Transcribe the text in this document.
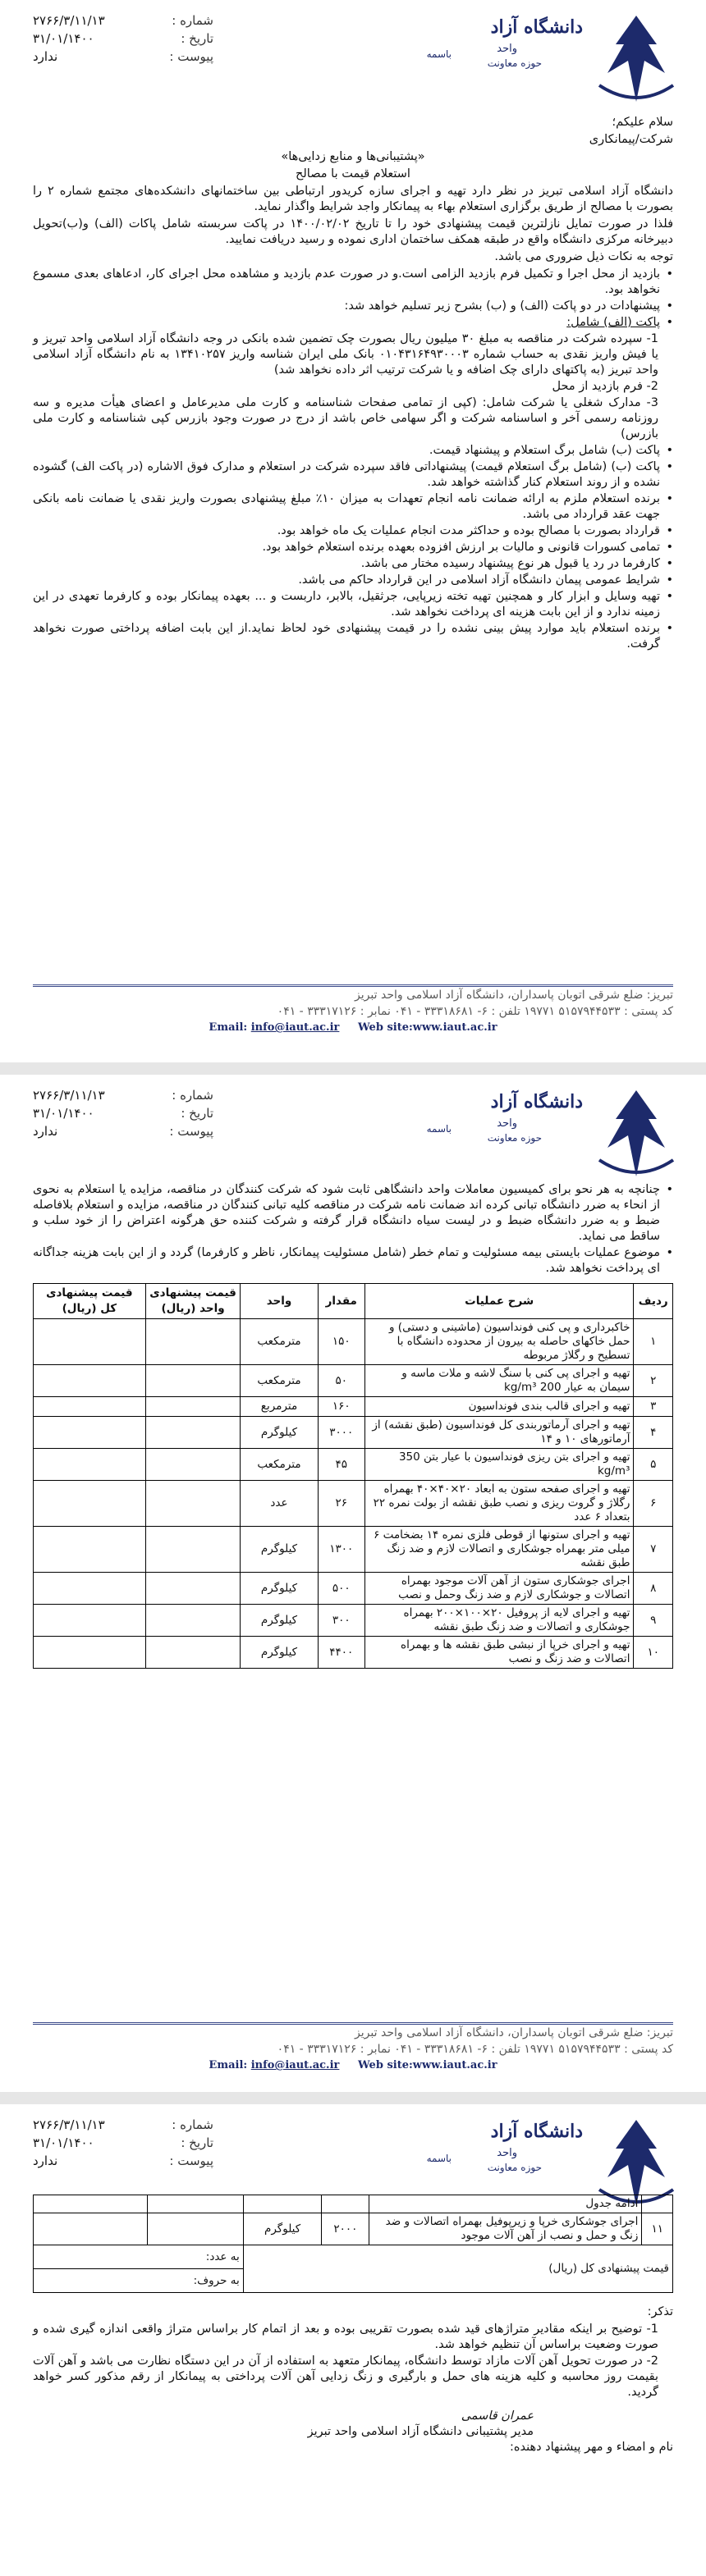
دانشگاه آزاد
واحد
باسمه
حوزه معاونت
شماره :
۲۷۶۶/۳/۱۱/۱۳
تاریخ :
۳۱/۰۱/۱۴۰۰
پیوست :
ندارد

سلام علیکم؛

شرکت/پیمانکاری

«پشتیبانی‌ها و منابع زدایی‌ها»

استعلام قیمت با مصالح

دانشگاه آزاد اسلامی تبریز در نظر دارد تهیه و اجرای سازه کریدور ارتباطی بین ساختمانهای دانشکده‌های مجتمع شماره ۲ را بصورت با مصالح از طریق برگزاری استعلام بهاء به پیمانکار واجد شرایط واگذار نماید.

فلذا در صورت تمایل نازلترین قیمت پیشنهادی خود را تا تاریخ ۱۴۰۰/۰۲/۰۲ در پاکت سربسته شامل پاکات (الف) و(ب)تحویل دبیرخانه مرکزی دانشگاه واقع در طبقه همکف ساختمان اداری نموده و رسید دریافت نمایید.

توجه به نکات ذیل ضروری می باشد.

• بازدید از محل اجرا و تکمیل فرم بازدید الزامی است.و در صورت عدم بازدید و مشاهده محل اجرای کار، ادعاهای بعدی مسموع نخواهد بود.
• پیشنهادات در دو پاکت (الف) و (ب) بشرح زیر تسلیم خواهد شد:
• پاکت (الف) شامل:
1- سپرده شرکت در مناقصه به مبلغ ۳۰ میلیون ریال بصورت چک تضمین شده بانکی در وجه دانشگاه آزاد اسلامی واحد تبریز و یا فیش واریز نقدی به حساب شماره ۰۱۰۴۳۱۶۴۹۳۰۰۰۳ بانک ملی ایران شناسه واریز ۱۳۴۱۰۲۵۷ به نام دانشگاه آزاد اسلامی واحد تبریز (به پاکتهای دارای چک اضافه و یا شرکت ترتیب اثر داده نخواهد شد)
2- فرم بازدید از محل
3- مدارک شغلی یا شرکت شامل: (کپی از تمامی صفحات شناسنامه و کارت ملی مدیرعامل و اعضای هیأت مدیره و سه روزنامه رسمی آخر و اساسنامه شرکت و اگر سهامی خاص باشد از درج در صورت وجود بازرس کپی شناسنامه و کارت ملی بازرس)
• پاکت (ب) شامل برگ استعلام و پیشنهاد قیمت.
• پاکت (ب) (شامل برگ استعلام قیمت) پیشنهاداتی فاقد سپرده شرکت در استعلام و مدارک فوق الاشاره (در پاکت الف) گشوده نشده و از روند استعلام کنار گذاشته خواهد شد.
• برنده استعلام ملزم به ارائه ضمانت نامه انجام تعهدات به میزان ۱۰٪ مبلغ پیشنهادی بصورت واریز نقدی یا ضمانت نامه بانکی جهت عقد قرارداد می باشد.
• قرارداد بصورت با مصالح بوده و حداکثر مدت انجام عملیات یک ماه خواهد بود.
• تمامی کسورات قانونی و مالیات بر ارزش افزوده بعهده برنده استعلام خواهد بود.
• کارفرما در رد یا قبول هر نوع پیشنهاد رسیده مختار می باشد.
• شرایط عمومی پیمان دانشگاه آزاد اسلامی در این قرارداد حاکم می باشد.
• تهیه وسایل و ابزار کار و همچنین تهیه تخته زیرپایی، جرثقیل، بالابر، داربست و ... بعهده پیمانکار بوده و کارفرما تعهدی در این زمینه ندارد و از این بابت هزینه ای پرداخت نخواهد شد.
• برنده استعلام باید موارد پیش بینی نشده را در قیمت پیشنهادی خود لحاظ نماید.از این بابت اضافه پرداختی صورت نخواهد گرفت.
تبریز: ضلع شرقی اتوبان پاسداران، دانشگاه آزاد اسلامی واحد تبریز
کد پستی : ۵۱۵۷۹۴۴۵۳۳ ۱۹۷۷۱ تلفن : ۶- ۳۳۳۱۸۶۸۱ - ۰۴۱ نمابر : ۳۳۳۱۷۱۲۶ - ۰۴۱
Email: info@iaut.ac.ir Web site:www.iaut.ac.ir
دانشگاه آزاد
واحد
باسمه
حوزه معاونت
شماره :
۲۷۶۶/۳/۱۱/۱۳
تاریخ :
۳۱/۰۱/۱۴۰۰
پیوست :
ندارد
• چنانچه به هر نحو برای کمیسیون معاملات واحد دانشگاهی ثابت شود که شرکت کنندگان در مناقصه، مزایده یا استعلام به نحوی از انحاء به ضرر دانشگاه تبانی کرده اند ضمانت نامه شرکت در مناقصه کلیه تبانی کنندگان در مناقصه، مزایده و استعلام بلافاصله ضبط و به ضرر دانشگاه ضبط و در لیست سیاه دانشگاه قرار گرفته و شرکت کننده حق هرگونه اعتراض را از خود سلب و ساقط می نماید.
• موضوع عملیات بایستی بیمه مسئولیت و تمام خطر (شامل مسئولیت پیمانکار، ناظر و کارفرما) گردد و از این بابت هزینه جداگانه ای پرداخت نخواهد شد.
ردیف	شرح عملیات	مقدار	واحد	قیمت پیشنهادی واحد (ریال)	قیمت پیشنهادی کل (ریال)
۱	خاکبرداری و پی کنی فونداسیون (ماشینی و دستی) و حمل خاکهای حاصله به بیرون از محدوده دانشگاه با تسطیح و رگلاژ مربوطه	۱۵۰	مترمکعب		
۲	تهیه و اجرای پی کنی با سنگ لاشه و ملات ماسه و سیمان به عیار 200 kg/m³	۵۰	مترمکعب		
۳	تهیه و اجرای قالب بندی فونداسیون	۱۶۰	مترمربع		
۴	تهیه و اجرای آرماتوربندی کل فونداسیون (طبق نقشه) از آرماتورهای ۱۰ و ۱۴	۳۰۰۰	کیلوگرم		
۵	تهیه و اجرای بتن ریزی فونداسیون با عیار بتن 350 kg/m³	۴۵	مترمکعب		
۶	تهیه و اجرای صفحه ستون به ابعاد ۲۰×۴۰×۴۰ بهمراه رگلاژ و گروت ریزی و نصب طبق نقشه از بولت نمره ۲۲ بتعداد ۶ عدد	۲۶	عدد		
۷	تهیه و اجرای ستونها از قوطی فلزی نمره ۱۴ بضخامت ۶ میلی متر بهمراه جوشکاری و اتصالات لازم و ضد زنگ طبق نقشه	۱۳۰۰	کیلوگرم		
۸	اجرای جوشکاری ستون از آهن آلات موجود بهمراه اتصالات و جوشکاری لازم و ضد زنگ وحمل و نصب	۵۰۰	کیلوگرم		
۹	تهیه و اجرای لایه از پروفیل ۲۰×۱۰۰×۲۰۰ بهمراه جوشکاری و اتصالات و ضد زنگ طبق نقشه	۳۰۰	کیلوگرم		
۱۰	تهیه و اجرای خرپا از نبشی طبق نقشه ها و بهمراه اتصالات و ضد زنگ و نصب	۴۴۰۰	کیلوگرم		
تبریز: ضلع شرقی اتوبان پاسداران، دانشگاه آزاد اسلامی واحد تبریز
کد پستی : ۵۱۵۷۹۴۴۵۳۳ ۱۹۷۷۱ تلفن : ۶- ۳۳۳۱۸۶۸۱ - ۰۴۱ نمابر : ۳۳۳۱۷۱۲۶ - ۰۴۱
Email: info@iaut.ac.ir Web site:www.iaut.ac.ir
دانشگاه آزاد
واحد
باسمه
حوزه معاونت
شماره :
۲۷۶۶/۳/۱۱/۱۳
تاریخ :
۳۱/۰۱/۱۴۰۰
پیوست :
ندارد
	ادامه جدول				
۱۱	اجرای جوشکاری خرپا و زیرپوفیل بهمراه اتصالات و ضد زنگ و حمل و نصب از آهن آلات موجود	۲۰۰۰	کیلوگرم		
قیمت پیشنهادی کل (ریال)				به عدد:	
				به حروف:	

تذکر:

1- توضیح بر اینکه مقادیر متراژهای قید شده بصورت تقریبی بوده و بعد از اتمام کار براساس متراژ واقعی اندازه گیری شده و صورت وضعیت براساس آن تنظیم خواهد شد.
2- در صورت تحویل آهن آلات مازاد توسط دانشگاه، پیمانکار متعهد به استفاده از آن در این دستگاه نظارت می باشد و آهن آلات بقیمت روز محاسبه و کلیه هزینه های حمل و بارگیری و زنگ زدایی آهن آلات پرداختی به پیمانکار از رقم مذکور کسر خواهد گردید.
عمران قاسمی
مدیر پشتیبانی دانشگاه آزاد اسلامی واحد تبریز
نام و امضاء و مهر پیشنهاد دهنده:
